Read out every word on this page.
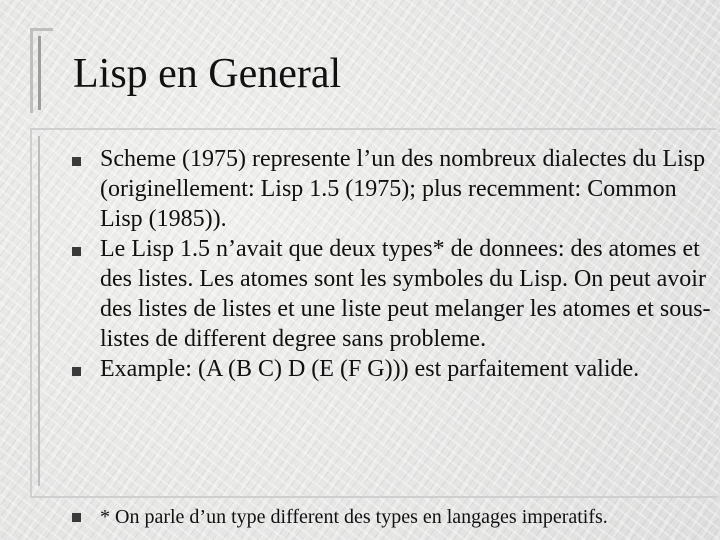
Lisp en General
Scheme (1975) represente l’un des nombreux dialectes du Lisp (originellement: Lisp 1.5 (1975); plus recemment: Common Lisp (1985)).
Le Lisp 1.5 n’avait que deux types* de donnees: des atomes et des listes. Les atomes sont les symboles du Lisp. On peut avoir des listes de listes et une liste peut melanger les atomes et sous-listes de different degree sans probleme.
Example: (A (B C) D (E (F G))) est parfaitement valide.
* On parle d’un type different des types en langages imperatifs.
